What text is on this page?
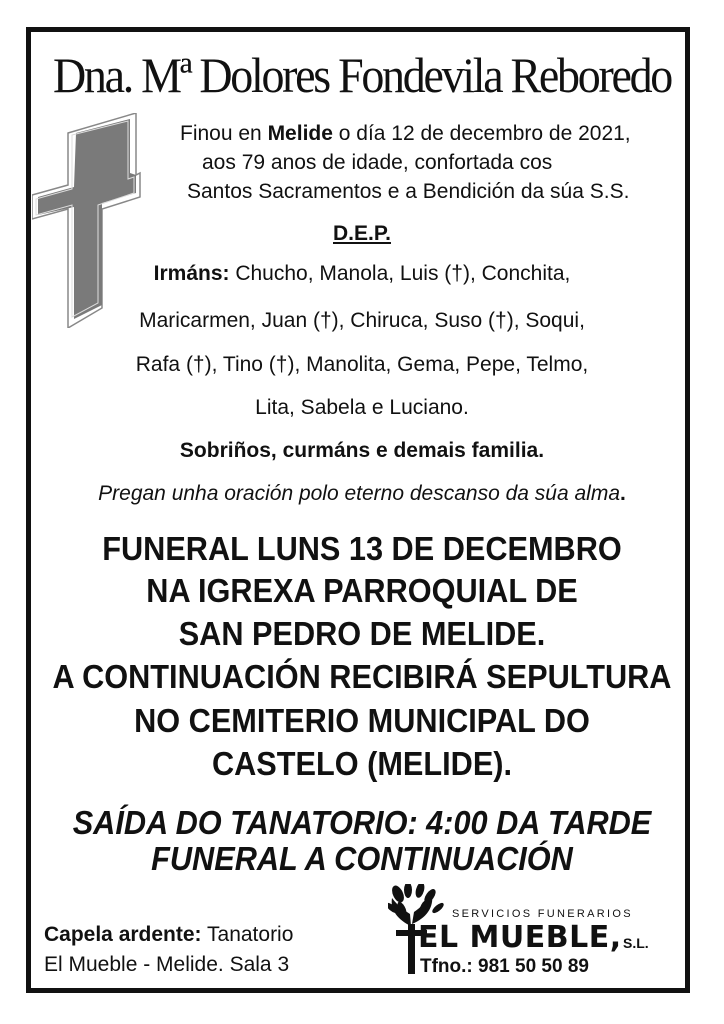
Dna. Mª Dolores Fondevila Reboredo
Finou en Melide o día 12 de decembro de 2021,
aos 79 anos de idade, confortada cos
Santos Sacramentos e a Bendición da súa S.S.
D.E.P.
Irmáns: Chucho, Manola, Luis (†), Conchita,
Maricarmen, Juan (†), Chiruca, Suso (†), Soqui,
Rafa (†), Tino (†), Manolita, Gema, Pepe, Telmo,
Lita, Sabela e Luciano.
Sobriños, curmáns e demais familia.
Pregan unha oración polo eterno descanso da súa alma.
FUNERAL LUNS 13 DE DECEMBRO
NA IGREXA PARROQUIAL DE
SAN PEDRO DE MELIDE.
A CONTINUACIÓN RECIBIRÁ SEPULTURA
NO CEMITERIO MUNICIPAL DO
CASTELO (MELIDE).
SAÍDA DO TANATORIO: 4:00 DA TARDE
FUNERAL A CONTINUACIÓN
Capela ardente: Tanatorio
El Mueble - Melide. Sala 3
SERVICIOS FUNERARIOS
EL MUEBLE, S.L.
Tfno.: 981 50 50 89
